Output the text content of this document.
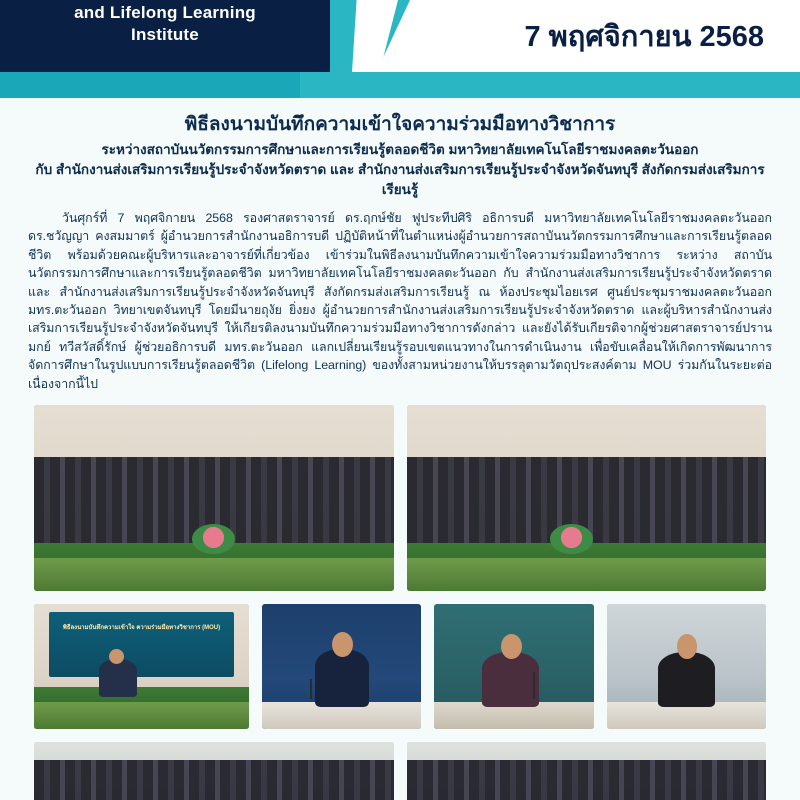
and Lifelong Learning
Institute	7 พฤศจิกายน 2568
พิธีลงนามบันทึกความเข้าใจความร่วมมือทางวิชาการ
ระหว่างสถาบันนวัตกรรมการศึกษาและการเรียนรู้ตลอดชีวิต มหาวิทยาลัยเทคโนโลยีราชมงคลตะวันออก
กับ สำนักงานส่งเสริมการเรียนรู้ประจำจังหวัดตราด และ สำนักงานส่งเสริมการเรียนรู้ประจำจังหวัดจันทบุรี สังกัดกรมส่งเสริมการเรียนรู้
วันศุกร์ที่ 7 พฤศจิกายน 2568 รองศาสตราจารย์ ดร.ฤกษ์ชัย ฟูประทีปศิริ อธิการบดี มหาวิทยาลัยเทคโนโลยีราชมงคลตะวันออก ดร.ชวัญญา คงสมมาตร์ ผู้อำนวยการสำนักงานอธิการบดี ปฏิบัติหน้าที่ในตำแหน่งผู้อำนวยการสถาบันนวัตกรรมการศึกษาและการเรียนรู้ตลอดชีวิต พร้อมด้วยคณะผู้บริหารและอาจารย์ที่เกี่ยวข้อง เข้าร่วมในพิธีลงนามบันทึกความเข้าใจความร่วมมือทางวิชาการ ระหว่าง สถาบันนวัตกรรมการศึกษาและการเรียนรู้ตลอดชีวิต มหาวิทยาลัยเทคโนโลยีราชมงคลตะวันออก กับ สำนักงานส่งเสริมการเรียนรู้ประจำจังหวัดตราด และ สำนักงานส่งเสริมการเรียนรู้ประจำจังหวัดจันทบุรี สังกัดกรมส่งเสริมการเรียนรู้ ณ ห้องประชุมไอยเรศ ศูนย์ประชุมราชมงคลตะวันออก มทร.ตะวันออก วิทยาเขตจันทบุรี โดยมีนายถุงัย ยิ่งยง ผู้อำนวยการสำนักงานส่งเสริมการเรียนรู้ประจำจังหวัดตราด และผู้บริหารสำนักงานส่งเสริมการเรียนรู้ประจำจังหวัดจันทบุรี ให้เกียรติลงนามบันทึกความร่วมมือทางวิชาการดังกล่าว และยังได้รับเกียรติจากผู้ช่วยศาสตราจารย์ปรานมกย์ ทวีสวัสดิ์รักษ์ ผู้ช่วยอธิการบดี มทร.ตะวันออก แลกเปลี่ยนเรียนรู้รอบเขตแนวทางในการดำเนินงาน เพื่อขับเคลื่อนให้เกิดการพัฒนาการจัดการศึกษาในรูปแบบการเรียนรู้ตลอดชีวิต (Lifelong Learning) ของทั้งสามหน่วยงานให้บรรลุตามวัตถุประสงค์ตาม MOU ร่วมกันในระยะต่อเนื่องจากนี้ไป
พิธีลงนามบันทึกความเข้าใจ ความร่วมมือทางวิชาการ (MOU)
